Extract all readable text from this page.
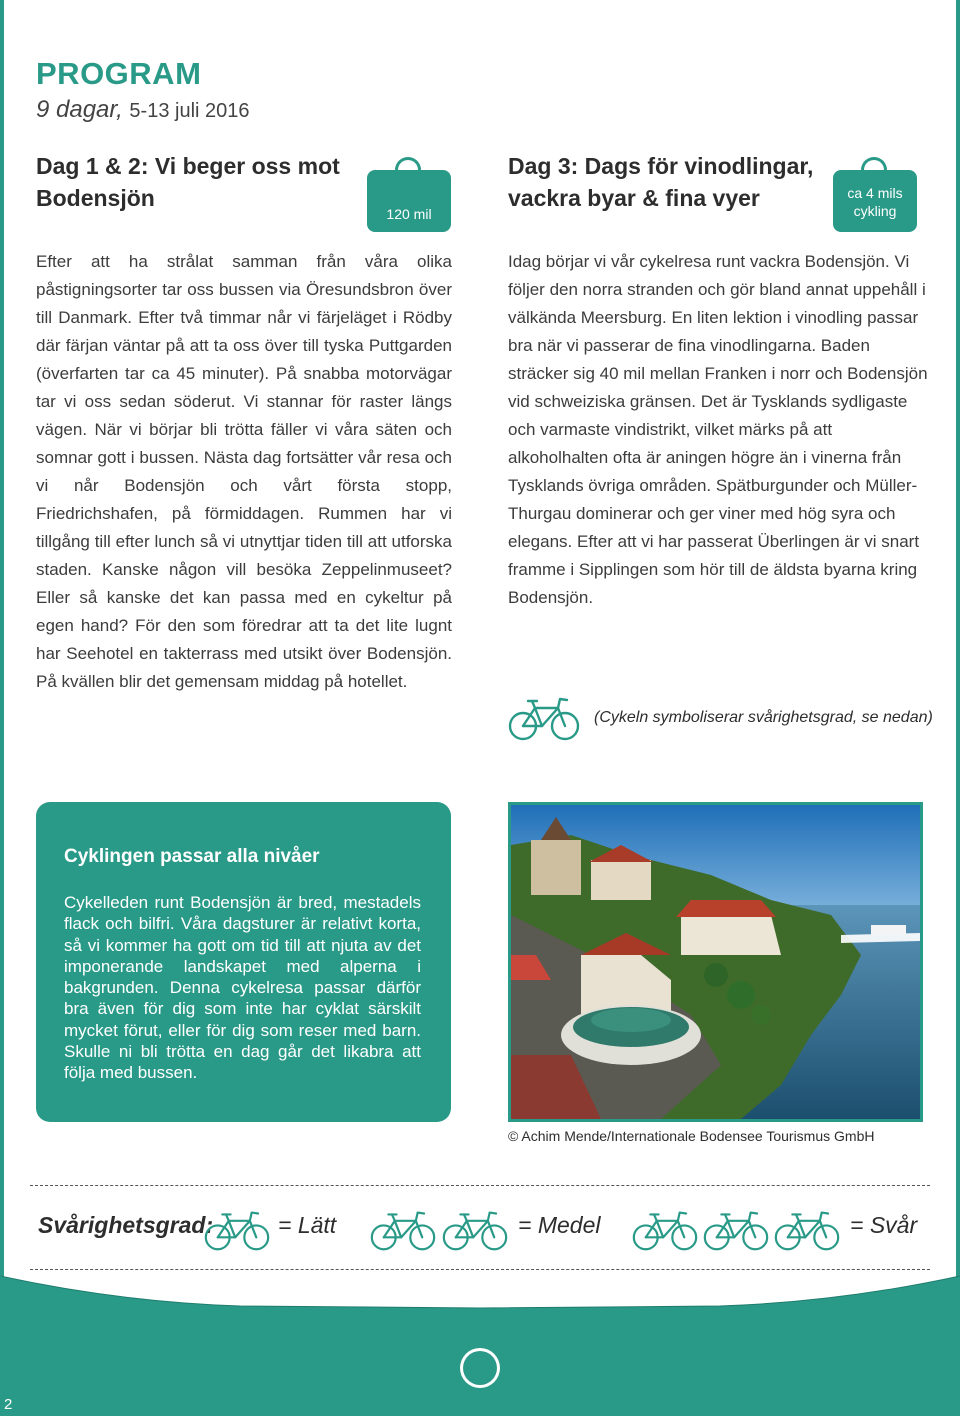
PROGRAM
9 dagar, 5-13 juli 2016
Dag 1 & 2: Vi beger oss mot Bodensjön
120 mil

Efter att ha strålat samman från våra olika påstigningsorter tar oss bussen via Öresundsbron över till Danmark. Efter två timmar når vi färjeläget i Rödby där färjan väntar på att ta oss över till tyska Puttgarden (överfarten tar ca 45 minuter). På snabba motorvägar tar vi oss sedan söderut. Vi stannar för raster längs vägen. När vi börjar bli trötta fäller vi våra säten och somnar gott i bussen. Nästa dag fortsätter vår resa och vi når Bodensjön och vårt första stopp, Friedrichshafen, på förmiddagen. Rummen har vi tillgång till efter lunch så vi utnyttjar tiden till att utforska staden. Kanske någon vill besöka Zeppelinmuseet? Eller så kanske det kan passa med en cykeltur på egen hand? För den som föredrar att ta det lite lugnt har Seehotel en takterrass med utsikt över Bodensjön. På kvällen blir det gemensam middag på hotellet.

Dag 3: Dags för vinodlingar, vackra byar & fina vyer	ca 4 mils cykling

Idag börjar vi vår cykelresa runt vackra Bodensjön. Vi följer den norra stranden och gör bland annat uppehåll i välkända Meersburg. En liten lektion i vinodling passar bra när vi passerar de fina vinodlingarna. Baden sträcker sig 40 mil mellan Franken i norr och Bodensjön vid schweiziska gränsen. Det är Tysklands sydligaste och varmaste vindistrikt, vilket märks på att alkoholhalten ofta är aningen högre än i vinerna från Tysklands övriga områden. Spätburgunder och Müller-Thurgau dominerar och ger viner med hög syra och elegans. Efter att vi har passerat Überlingen är vi snart framme i Sipplingen som hör till de äldsta byarna kring Bodensjön.

(Cykeln symboliserar svårighetsgrad, se nedan)
Cyklingen passar alla nivåer

Cykelleden runt Bodensjön är bred, mestadels flack och bilfri. Våra dagsturer är relativt korta, så vi kommer ha gott om tid till att njuta av det imponerande landskapet med alperna i bakgrunden. Denna cykelresa passar därför bra även för dig som inte har cyklat särskilt mycket förut, eller för dig som reser med barn. Skulle ni bli trötta en dag går det likabra att följa med bussen.

© Achim Mende/Internationale Bodensee Tourismus GmbH
Svårighetsgrad:	= Lätt	= Medel	= Svår
2
